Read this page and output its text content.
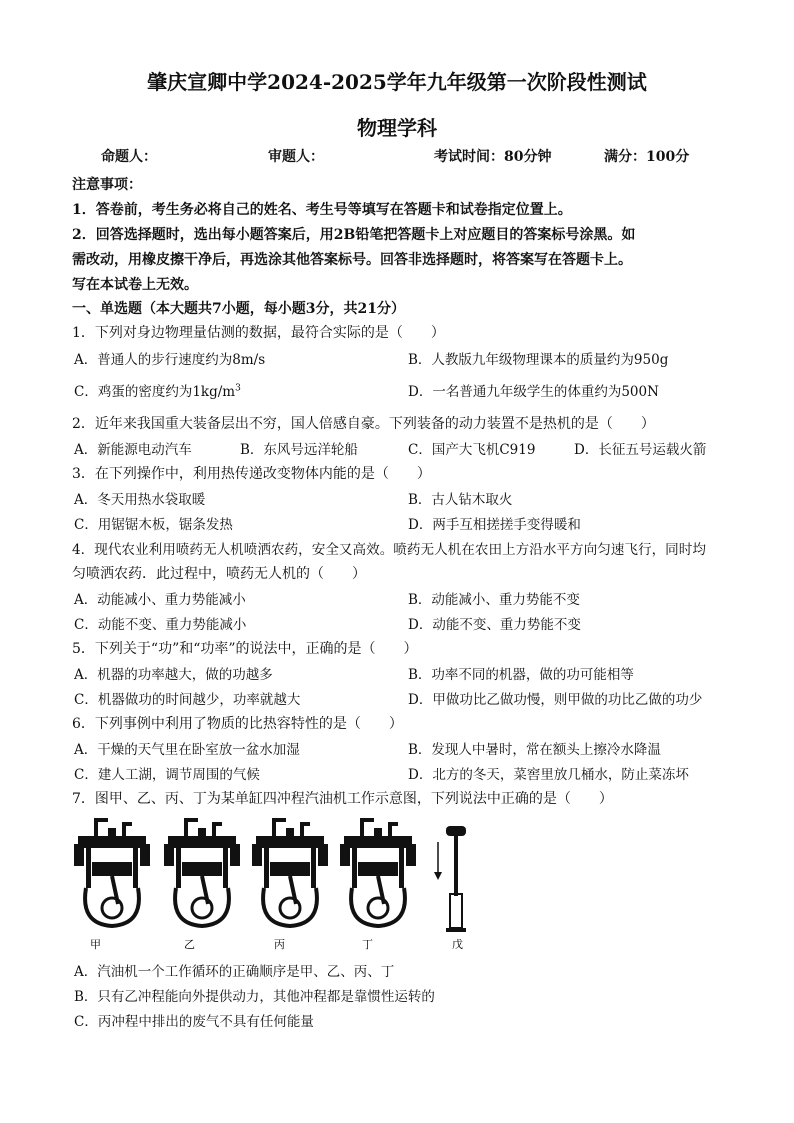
肇庆宣卿中学2024-2025学年九年级第一次阶段性测试
物理学科
命题人：	审题人：	考试时间：80分钟	满分：100分
注意事项：
1．答卷前，考生务必将自己的姓名、考生号等填写在答题卡和试卷指定位置上。
2．回答选择题时，选出每小题答案后，用2B铅笔把答题卡上对应题目的答案标号涂黑。如
需改动，用橡皮擦干净后，再选涂其他答案标号。回答非选择题时，将答案写在答题卡上。
写在本试卷上无效。
一、单选题（本大题共7小题，每小题3分，共21分）
1．下列对身边物理量估测的数据，最符合实际的是（　　）
A．普通人的步行速度约为8m/s	B．人教版九年级物理课本的质量约为950g
C．鸡蛋的密度约为$1kg/m^3$	D．一名普通九年级学生的体重约为500N
2．近年来我国重大装备层出不穷，国人倍感自豪。下列装备的动力装置不是热机的是（　　）
A．新能源电动汽车	B．东风号远洋轮船	C．国产大飞机C919	D．长征五号运载火箭
3．在下列操作中，利用热传递改变物体内能的是（　　）
A．冬天用热水袋取暖	B．古人钻木取火
C．用锯锯木板，锯条发热	D．两手互相搓搓手变得暖和
4．现代农业利用喷药无人机喷洒农药，安全又高效。喷药无人机在农田上方沿水平方向匀速飞行，同时均
匀喷洒农药．此过程中，喷药无人机的（　　）
A．动能减小、重力势能减小	B．动能减小、重力势能不变
C．动能不变、重力势能减小	D．动能不变、重力势能不变
5．下列关于“功”和“功率”的说法中，正确的是（　　）
A．机器的功率越大，做的功越多	B．功率不同的机器，做的功可能相等
C．机器做功的时间越少，功率就越大	D．甲做功比乙做功慢，则甲做的功比乙做的功少
6．下列事例中利用了物质的比热容特性的是（　　）
A．干燥的天气里在卧室放一盆水加湿	B．发现人中暑时，常在额头上擦冷水降温
C．建人工湖，调节周围的气候	D．北方的冬天，菜窖里放几桶水，防止菜冻坏
7．图甲、乙、丙、丁为某单缸四冲程汽油机工作示意图，下列说法中正确的是（　　）
甲	乙	丙	丁	戊
A．汽油机一个工作循环的正确顺序是甲、乙、丙、丁
B．只有乙冲程能向外提供动力，其他冲程都是靠惯性运转的
C．丙冲程中排出的废气不具有任何能量
